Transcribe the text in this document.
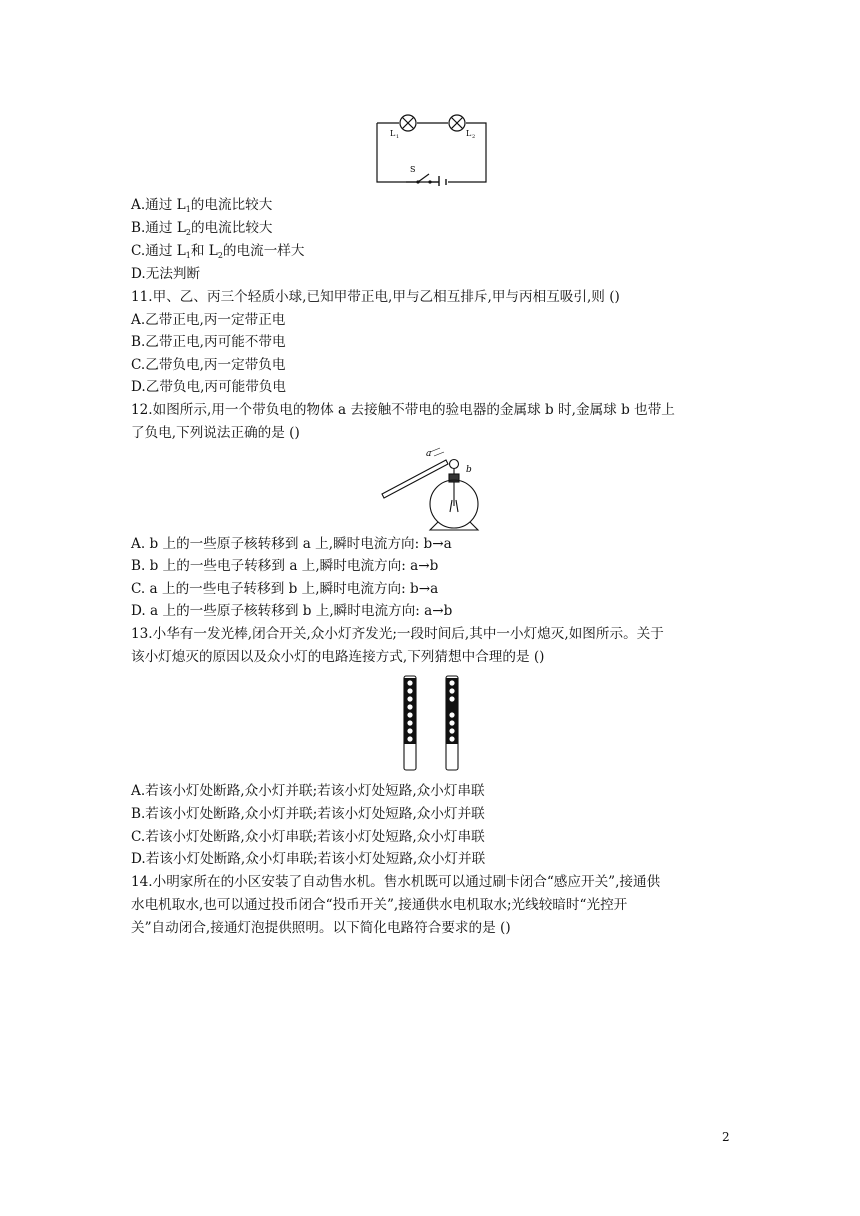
L 1	L 2
S
A.通过 $L_1$的电流比较大
B.通过 $L_2$的电流比较大
C.通过 $L_1$和 $L_2$的电流一样大
D.无法判断
11.甲、乙、丙三个轻质小球,已知甲带正电,甲与乙相互排斥,甲与丙相互吸引,则 ()
A.乙带正电,丙一定带正电
B.乙带正电,丙可能不带电
C.乙带负电,丙一定带负电
D.乙带负电,丙可能带负电
12.如图所示,用一个带负电的物体 a 去接触不带电的验电器的金属球 b 时,金属球 b 也带上
了负电,下列说法正确的是 ()
a
b
A. b 上的一些原子核转移到 a 上,瞬时电流方向: b→a
B. b 上的一些电子转移到 a 上,瞬时电流方向: a→b
C. a 上的一些电子转移到 b 上,瞬时电流方向: b→a
D. a 上的一些原子核转移到 b 上,瞬时电流方向: a→b
13.小华有一发光棒,闭合开关,众小灯齐发光;一段时间后,其中一小灯熄灭,如图所示。关于
该小灯熄灭的原因以及众小灯的电路连接方式,下列猜想中合理的是 ()
A.若该小灯处断路,众小灯并联;若该小灯处短路,众小灯串联
B.若该小灯处断路,众小灯并联;若该小灯处短路,众小灯并联
C.若该小灯处断路,众小灯串联;若该小灯处短路,众小灯串联
D.若该小灯处断路,众小灯串联;若该小灯处短路,众小灯并联
14.小明家所在的小区安装了自动售水机。售水机既可以通过刷卡闭合“感应开关”,接通供
水电机取水,也可以通过投币闭合“投币开关”,接通供水电机取水;光线较暗时“光控开
关”自动闭合,接通灯泡提供照明。以下简化电路符合要求的是 ()
2
